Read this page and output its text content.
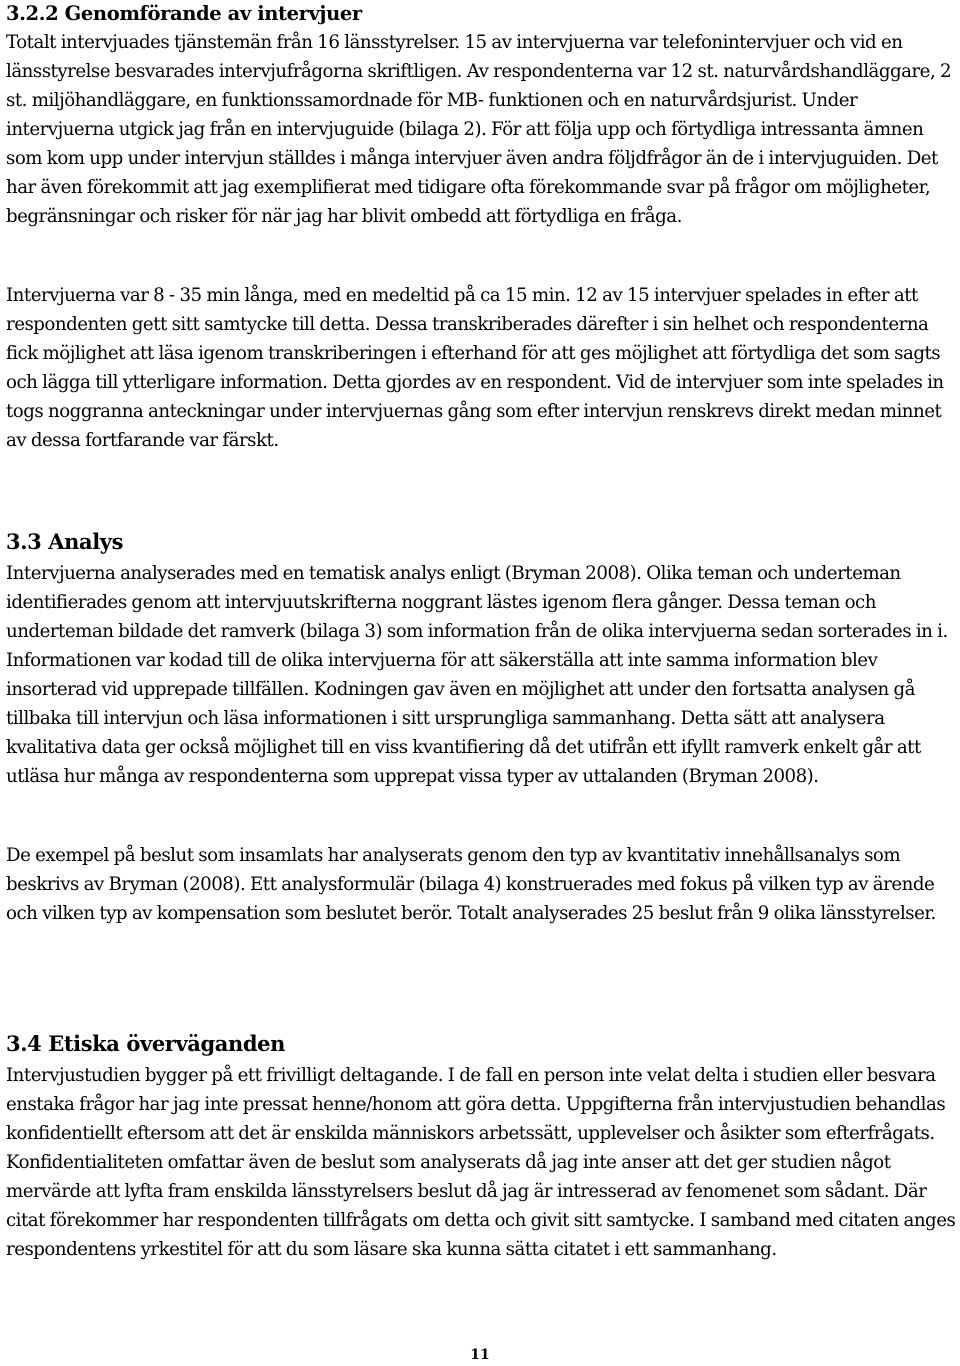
3.2.2 Genomförande av intervjuer

Totalt intervjuades tjänstemän från 16 länsstyrelser. 15 av intervjuerna var telefonintervjuer och vid en länsstyrelse besvarades intervjufrågorna skriftligen. Av respondenterna var 12 st. naturvårdshandläggare, 2 st. miljöhandläggare, en funktionssamordnade för MB- funktionen och en naturvårdsjurist. Under intervjuerna utgick jag från en intervjuguide (bilaga 2). För att följa upp och förtydliga intressanta ämnen som kom upp under intervjun ställdes i många intervjuer även andra följdfrågor än de i intervjuguiden. Det har även förekommit att jag exemplifierat med tidigare ofta förekommande svar på frågor om möjligheter, begränsningar och risker för när jag har blivit ombedd att förtydliga en fråga.

Intervjuerna var 8 - 35 min långa, med en medeltid på ca 15 min. 12 av 15 intervjuer spelades in efter att respondenten gett sitt samtycke till detta. Dessa transkriberades därefter i sin helhet och respondenterna fick möjlighet att läsa igenom transkriberingen i efterhand för att ges möjlighet att förtydliga det som sagts och lägga till ytterligare information. Detta gjordes av en respondent. Vid de intervjuer som inte spelades in togs noggranna anteckningar under intervjuernas gång som efter intervjun renskrevs direkt medan minnet av dessa fortfarande var färskt.

3.3 Analys

Intervjuerna analyserades med en tematisk analys enligt (Bryman 2008). Olika teman och underteman identifierades genom att intervjuutskrifterna noggrant lästes igenom flera gånger. Dessa teman och underteman bildade det ramverk (bilaga 3) som information från de olika intervjuerna sedan sorterades in i. Informationen var kodad till de olika intervjuerna för att säkerställa att inte samma information blev insorterad vid upprepade tillfällen. Kodningen gav även en möjlighet att under den fortsatta analysen gå tillbaka till intervjun och läsa informationen i sitt ursprungliga sammanhang. Detta sätt att analysera kvalitativa data ger också möjlighet till en viss kvantifiering då det utifrån ett ifyllt ramverk enkelt går att utläsa hur många av respondenterna som upprepat vissa typer av uttalanden (Bryman 2008).

De exempel på beslut som insamlats har analyserats genom den typ av kvantitativ innehållsanalys som beskrivs av Bryman (2008). Ett analysformulär (bilaga 4) konstruerades med fokus på vilken typ av ärende och vilken typ av kompensation som beslutet berör. Totalt analyserades 25 beslut från 9 olika länsstyrelser.

3.4 Etiska överväganden

Intervjustudien bygger på ett frivilligt deltagande. I de fall en person inte velat delta i studien eller besvara enstaka frågor har jag inte pressat henne/honom att göra detta. Uppgifterna från intervjustudien behandlas konfidentiellt eftersom att det är enskilda människors arbetssätt, upplevelser och åsikter som efterfrågats. Konfidentialiteten omfattar även de beslut som analyserats då jag inte anser att det ger studien något mervärde att lyfta fram enskilda länsstyrelsers beslut då jag är intresserad av fenomenet som sådant. Där citat förekommer har respondenten tillfrågats om detta och givit sitt samtycke. I samband med citaten anges respondentens yrkestitel för att du som läsare ska kunna sätta citatet i ett sammanhang.

11
